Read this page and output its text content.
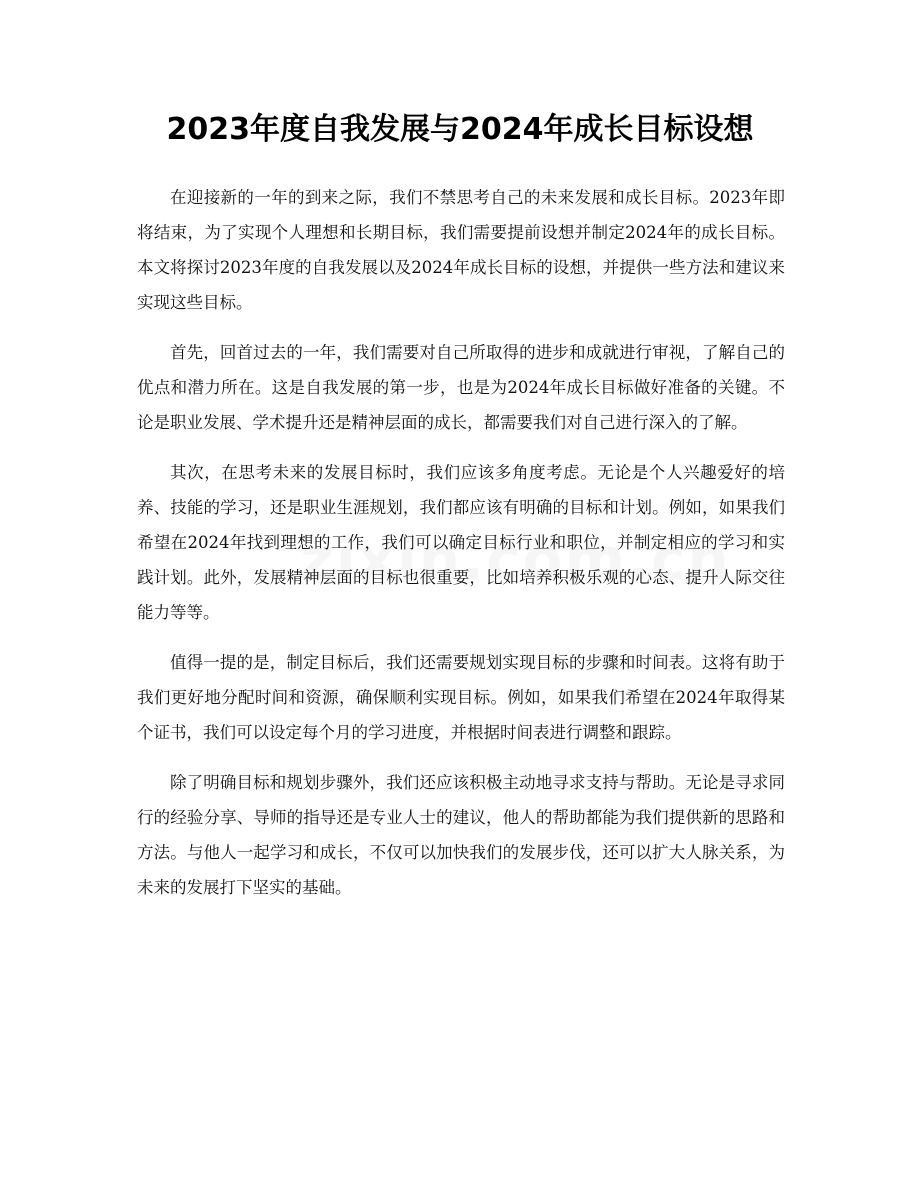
2023年度自我发展与2024年成长目标设想

在迎接新的一年的到来之际，我们不禁思考自己的未来发展和成长目标。2023年即将结束，为了实现个人理想和长期目标，我们需要提前设想并制定2024年的成长目标。本文将探讨2023年度的自我发展以及2024年成长目标的设想，并提供一些方法和建议来实现这些目标。

首先，回首过去的一年，我们需要对自己所取得的进步和成就进行审视，了解自己的优点和潜力所在。这是自我发展的第一步，也是为2024年成长目标做好准备的关键。不论是职业发展、学术提升还是精神层面的成长，都需要我们对自己进行深入的了解。

其次，在思考未来的发展目标时，我们应该多角度考虑。无论是个人兴趣爱好的培养、技能的学习，还是职业生涯规划，我们都应该有明确的目标和计划。例如，如果我们希望在2024年找到理想的工作，我们可以确定目标行业和职位，并制定相应的学习和实践计划。此外，发展精神层面的目标也很重要，比如培养积极乐观的心态、提升人际交往能力等等。

值得一提的是，制定目标后，我们还需要规划实现目标的步骤和时间表。这将有助于我们更好地分配时间和资源，确保顺利实现目标。例如，如果我们希望在2024年取得某个证书，我们可以设定每个月的学习进度，并根据时间表进行调整和跟踪。

除了明确目标和规划步骤外，我们还应该积极主动地寻求支持与帮助。无论是寻求同行的经验分享、导师的指导还是专业人士的建议，他人的帮助都能为我们提供新的思路和方法。与他人一起学习和成长，不仅可以加快我们的发展步伐，还可以扩大人脉关系，为未来的发展打下坚实的基础。
